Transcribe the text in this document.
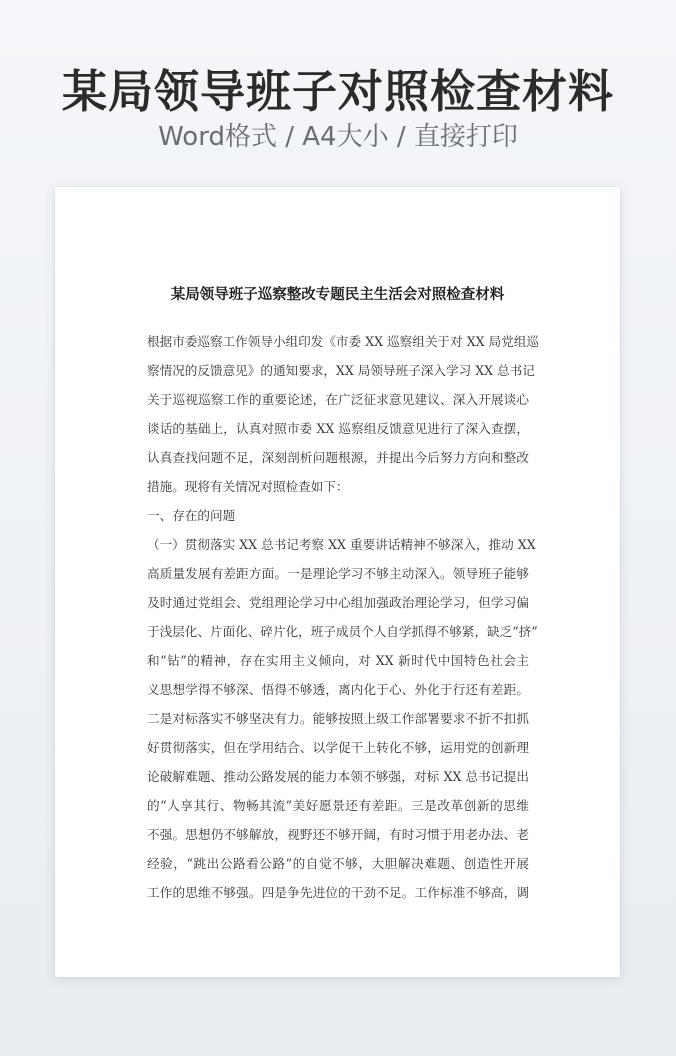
某局领导班子对照检查材料
Word格式 / A4大小 / 直接打印
某局领导班子巡察整改专题民主生活会对照检查材料
根据市委巡察工作领导小组印发《市委 XX 巡察组关于对 XX 局党组巡
察情况的反馈意见》的通知要求，XX 局领导班子深入学习 XX 总书记
关于巡视巡察工作的重要论述，在广泛征求意见建议、深入开展谈心
谈话的基础上，认真对照市委 XX 巡察组反馈意见进行了深入查摆，
认真查找问题不足，深刻剖析问题根源，并提出今后努力方向和整改
措施。现将有关情况对照检查如下：
一、存在的问题
（一）贯彻落实 XX 总书记考察 XX 重要讲话精神不够深入，推动 XX
高质量发展有差距方面。一是理论学习不够主动深入。领导班子能够
及时通过党组会、党组理论学习中心组加强政治理论学习，但学习偏
于浅层化、片面化、碎片化，班子成员个人自学抓得不够紧，缺乏“挤”
和“钻”的精神，存在实用主义倾向，对 XX 新时代中国特色社会主
义思想学得不够深、悟得不够透，离内化于心、外化于行还有差距。
二是对标落实不够坚决有力。能够按照上级工作部署要求不折不扣抓
好贯彻落实，但在学用结合、以学促干上转化不够，运用党的创新理
论破解难题、推动公路发展的能力本领不够强，对标 XX 总书记提出
的“人享其行、物畅其流”美好愿景还有差距。三是改革创新的思维
不强。思想仍不够解放，视野还不够开阔，有时习惯于用老办法、老
经验，“跳出公路看公路”的自觉不够，大胆解决难题、创造性开展
工作的思维不够强。四是争先进位的干劲不足。工作标准不够高，调
